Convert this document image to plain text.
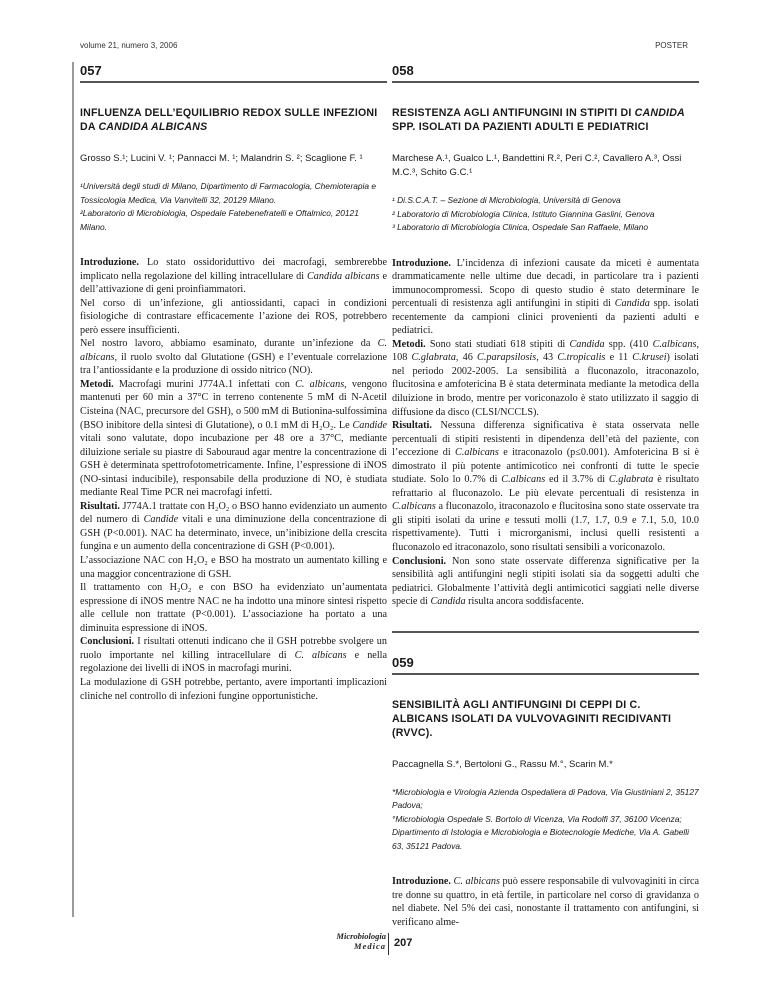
volume 21, numero 3, 2006	POSTER
057
INFLUENZA DELL’EQUILIBRIO REDOX SULLE INFEZIONI DA CANDIDA ALBICANS
Grosso S.¹; Lucini V. ¹; Pannacci M. ¹; Malandrin S. ²; Scaglione F. ¹
¹Università degli studi di Milano, Dipartimento di Farmacologia, Chemioterapia e Tossicologia Medica, Via Vanvitelli 32, 20129 Milano.
²Laboratorio di Microbiologia, Ospedale Fatebenefratelli e Oftalmico, 20121 Milano.
Introduzione. Lo stato ossidoriduttivo dei macrofagi, sembrerebbe implicato nella regolazione del killing intracellulare di Candida albicans e dell’attivazione di geni proinfiammatori.
Nel corso di un’infezione, gli antiossidanti, capaci in condizioni fisiologiche di contrastare efficacemente l’azione dei ROS, potrebbero però essere insufficienti.
Nel nostro lavoro, abbiamo esaminato, durante un’infezione da C. albicans, il ruolo svolto dal Glutatione (GSH) e l’eventuale correlazione tra l’antiossidante e la produzione di ossido nitrico (NO).
Metodi. Macrofagi murini J774A.1 infettati con C. albicans, vengono mantenuti per 60 min a 37°C in terreno contenente 5 mM di N-Acetil Cisteina (NAC, precursore del GSH), o 500 mM di Butionina-sulfossimina (BSO inibitore della sintesi di Glutatione), o 0.1 mM di H₂O₂. Le Candide vitali sono valutate, dopo incubazione per 48 ore a 37°C, mediante diluizione seriale su piastre di Sabouraud agar mentre la concentrazione di GSH è determinata spettrofotometricamente. Infine, l’espressione di iNOS (NO-sintasi inducibile), responsabile della produzione di NO, è studiata mediante Real Time PCR nei macrofagi infetti.
Risultati. J774A.1 trattate con H₂O₂ o BSO hanno evidenziato un aumento del numero di Candide vitali e una diminuzione della concentrazione di GSH (P<0.001). NAC ha determinato, invece, un’inibizione della crescita fungina e un aumento della concentrazione di GSH (P<0.001).
L’associazione NAC con H₂O₂ e BSO ha mostrato un aumentato killing e una maggior concentrazione di GSH.
Il trattamento con H₂O₂ e con BSO ha evidenziato un’aumentata espressione di iNOS mentre NAC ne ha indotto una minore sintesi rispetto alle cellule non trattate (P<0.001). L’associazione ha portato a una diminuita espressione di iNOS.
Conclusioni. I risultati ottenuti indicano che il GSH potrebbe svolgere un ruolo importante nel killing intracellulare di C. albicans e nella regolazione dei livelli di iNOS in macrofagi murini.
La modulazione di GSH potrebbe, pertanto, avere importanti implicazioni cliniche nel controllo di infezioni fungine opportunistiche.
058
RESISTENZA AGLI ANTIFUNGINI IN STIPITI DI CANDIDA SPP. ISOLATI DA PAZIENTI ADULTI E PEDIATRICI
Marchese A.¹, Gualco L.¹, Bandettini R.², Peri C.², Cavallero A.³, Ossi M.C.³, Schito G.C.¹
¹ Di.S.C.A.T. – Sezione di Microbiologia, Università di Genova
² Laboratorio di Microbiologia Clinica, Istituto Giannina Gaslini, Genova
³ Laboratorio di Microbiologia Clinica, Ospedale San Raffaele, Milano
Introduzione. L’incidenza di infezioni causate da miceti è aumentata drammaticamente nelle ultime due decadi, in particolare tra i pazienti immunocompromessi. Scopo di questo studio è stato determinare le percentuali di resistenza agli antifungini in stipiti di Candida spp. isolati recentemente da campioni clinici provenienti da pazienti adulti e pediatrici.
Metodi. Sono stati studiati 618 stipiti di Candida spp. (410 C.albicans, 108 C.glabrata, 46 C.parapsilosis, 43 C.tropicalis e 11 C.krusei) isolati nel periodo 2002-2005. La sensibilità a fluconazolo, itraconazolo, flucitosina e amfotericina B è stata determinata mediante la metodica della diluizione in brodo, mentre per voriconazolo è stato utilizzato il saggio di diffusione da disco (CLSI/NCCLS).
Risultati. Nessuna differenza significativa è stata osservata nelle percentuali di stipiti resistenti in dipendenza dell’età del paziente, con l’eccezione di C.albicans e itraconazolo (p≤0.001). Amfotericina B si è dimostrato il più potente antimicotico nei confronti di tutte le specie studiate. Solo lo 0.7% di C.albicans ed il 3.7% di C.glabrata è risultato refrattario al fluconazolo. Le più elevate percentuali di resistenza in C.albicans a fluconazolo, itraconazolo e flucitosina sono state osservate tra gli stipiti isolati da urine e tessuti molli (1.7, 1.7, 0.9 e 7.1, 5.0, 10.0 rispettivamente). Tutti i microrganismi, inclusi quelli resistenti a fluconazolo ed itraconazolo, sono risultati sensibili a voriconazolo.
Conclusioni. Non sono state osservate differenza significative per la sensibilità agli antifungini negli stipiti isolati sia da soggetti adulti che pediatrici. Globalmente l’attività degli antimicotici saggiati nelle diverse specie di Candida risulta ancora soddisfacente.
059
SENSIBILITÀ AGLI ANTIFUNGINI DI CEPPI DI C. ALBICANS ISOLATI DA VULVOVAGINITI RECIDIVANTI (RVVC).
Paccagnella S.*, Bertoloni G., Rassu M.°, Scarin M.*
*Microbiologia e Virologia Azienda Ospedaliera di Padova, Via Giustiniani 2, 35127 Padova;
°Microbiologia Ospedale S. Bortolo di Vicenza, Via Rodolfi 37, 36100 Vicenza;
Dipartimento di Istologia e Microbiologia e Biotecnologie Mediche, Via A. Gabelli 63, 35121 Padova.
Introduzione. C. albicans può essere responsabile di vulvovaginiti in circa tre donne su quattro, in età fertile, in particolare nel corso di gravidanza o nel diabete. Nel 5% dei casi, nonostante il trattamento con antifungini, si verificano alme-
Microbiologia
Medica 207
